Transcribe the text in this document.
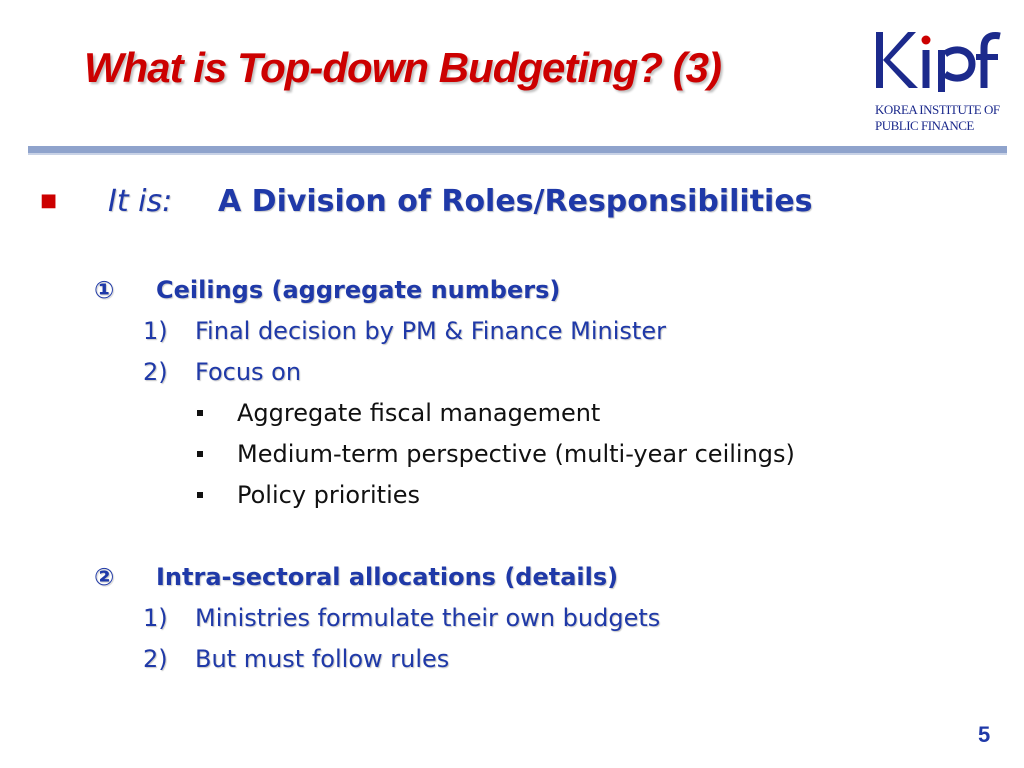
What is Top-down Budgeting? (3)
KOREA INSTITUTE OF
PUBLIC FINANCE
■ It is: A Division of Roles/Responsibilities
① Ceilings (aggregate numbers)
1) Final decision by PM & Finance Minister
2) Focus on
Aggregate fiscal management
Medium-term perspective (multi-year ceilings)
Policy priorities
② Intra-sectoral allocations (details)
1) Ministries formulate their own budgets
2) But must follow rules
5
